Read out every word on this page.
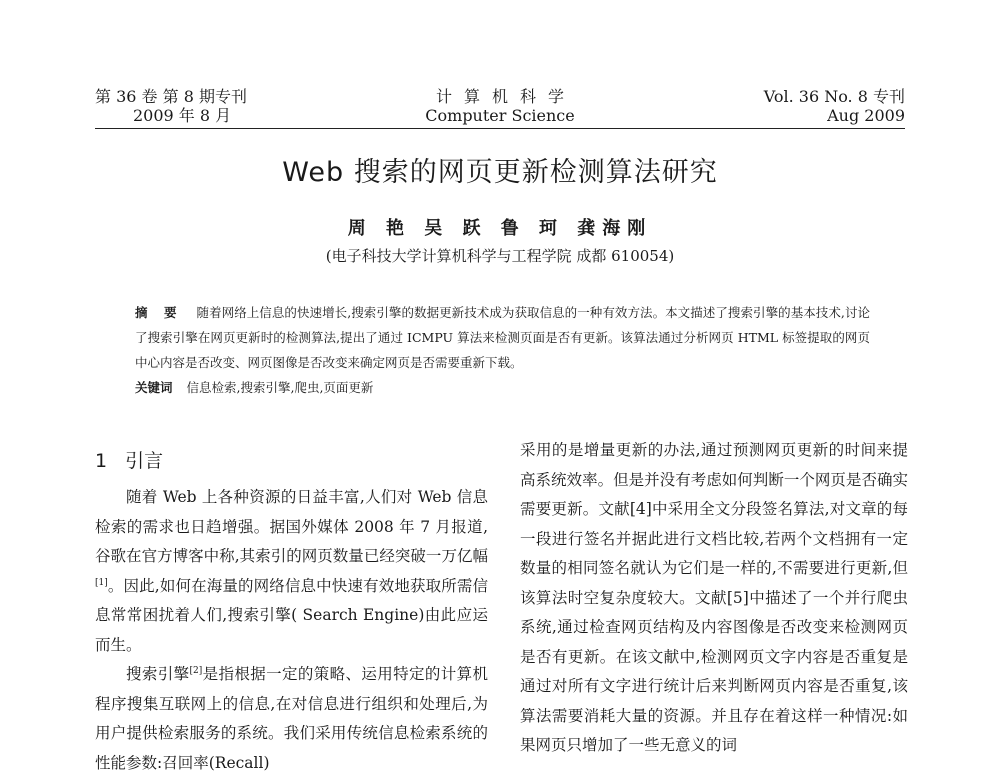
第 36 卷 第 8 期专刊
2009 年 8 月
计算机科学
Computer Science
Vol. 36 No. 8 专刊
Aug 2009
Web 搜索的网页更新检测算法研究
周 艳 吴 跃 鲁 珂 龚海刚
(电子科技大学计算机科学与工程学院 成都 610054)
摘 要 随着网络上信息的快速增长,搜索引擎的数据更新技术成为获取信息的一种有效方法。本文描述了搜索引擎的基本技术,讨论了搜索引擎在网页更新时的检测算法,提出了通过 ICMPU 算法来检测页面是否有更新。该算法通过分析网页 HTML 标签提取的网页中心内容是否改变、网页图像是否改变来确定网页是否需要重新下载。
关键词 信息检索,搜索引擎,爬虫,页面更新
1 引言

随着 Web 上各种资源的日益丰富,人们对 Web 信息检索的需求也日趋增强。据国外媒体 2008 年 7 月报道,谷歌在官方博客中称,其索引的网页数量已经突破一万亿幅[1]。因此,如何在海量的网络信息中快速有效地获取所需信息常常困扰着人们,搜索引擎( Search Engine)由此应运而生。

搜索引擎[2]是指根据一定的策略、运用特定的计算机程序搜集互联网上的信息,在对信息进行组织和处理后,为用户提供检索服务的系统。我们采用传统信息检索系统的性能参数:召回率(Recall)

采用的是增量更新的办法,通过预测网页更新的时间来提高系统效率。但是并没有考虑如何判断一个网页是否确实需要更新。文献[4]中采用全文分段签名算法,对文章的每一段进行签名并据此进行文档比较,若两个文档拥有一定数量的相同签名就认为它们是一样的,不需要进行更新,但该算法时空复杂度较大。文献[5]中描述了一个并行爬虫系统,通过检查网页结构及内容图像是否改变来检测网页是否有更新。在该文献中,检测网页文字内容是否重复是通过对所有文字进行统计后来判断网页内容是否重复,该算法需要消耗大量的资源。并且存在着这样一种情况:如果网页只增加了一些无意义的词
